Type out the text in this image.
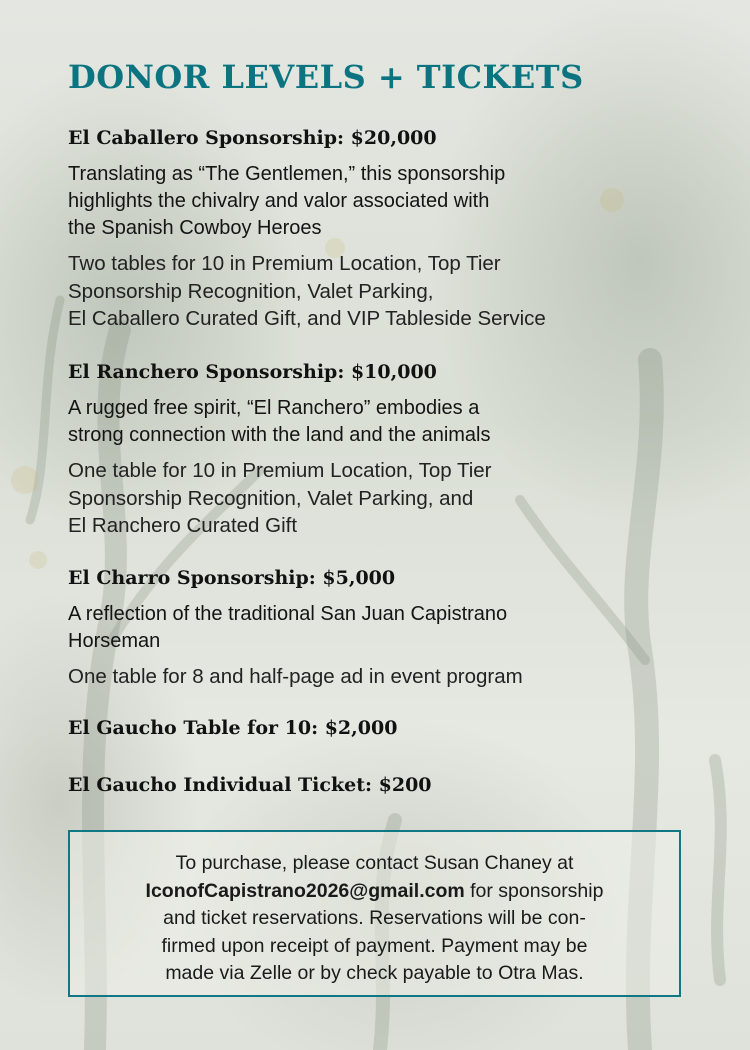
DONOR LEVELS + TICKETS
El Caballero Sponsorship: $20,000

Translating as “The Gentlemen,” this sponsorship
highlights the chivalry and valor associated with
the Spanish Cowboy Heroes

Two tables for 10 in Premium Location, Top Tier
Sponsorship Recognition, Valet Parking,
El Caballero Curated Gift, and VIP Tableside Service

El Ranchero Sponsorship: $10,000

A rugged free spirit, “El Ranchero” embodies a
strong connection with the land and the animals

One table for 10 in Premium Location, Top Tier
Sponsorship Recognition, Valet Parking, and
El Ranchero Curated Gift

El Charro Sponsorship: $5,000

A reflection of the traditional San Juan Capistrano
Horseman

One table for 8 and half-page ad in event program

El Gaucho Table for 10: $2,000
El Gaucho Individual Ticket: $200
To purchase, please contact Susan Chaney at
IconofCapistrano2026@gmail.com for sponsorship
and ticket reservations. Reservations will be con-
firmed upon receipt of payment. Payment may be
made via Zelle or by check payable to Otra Mas.
